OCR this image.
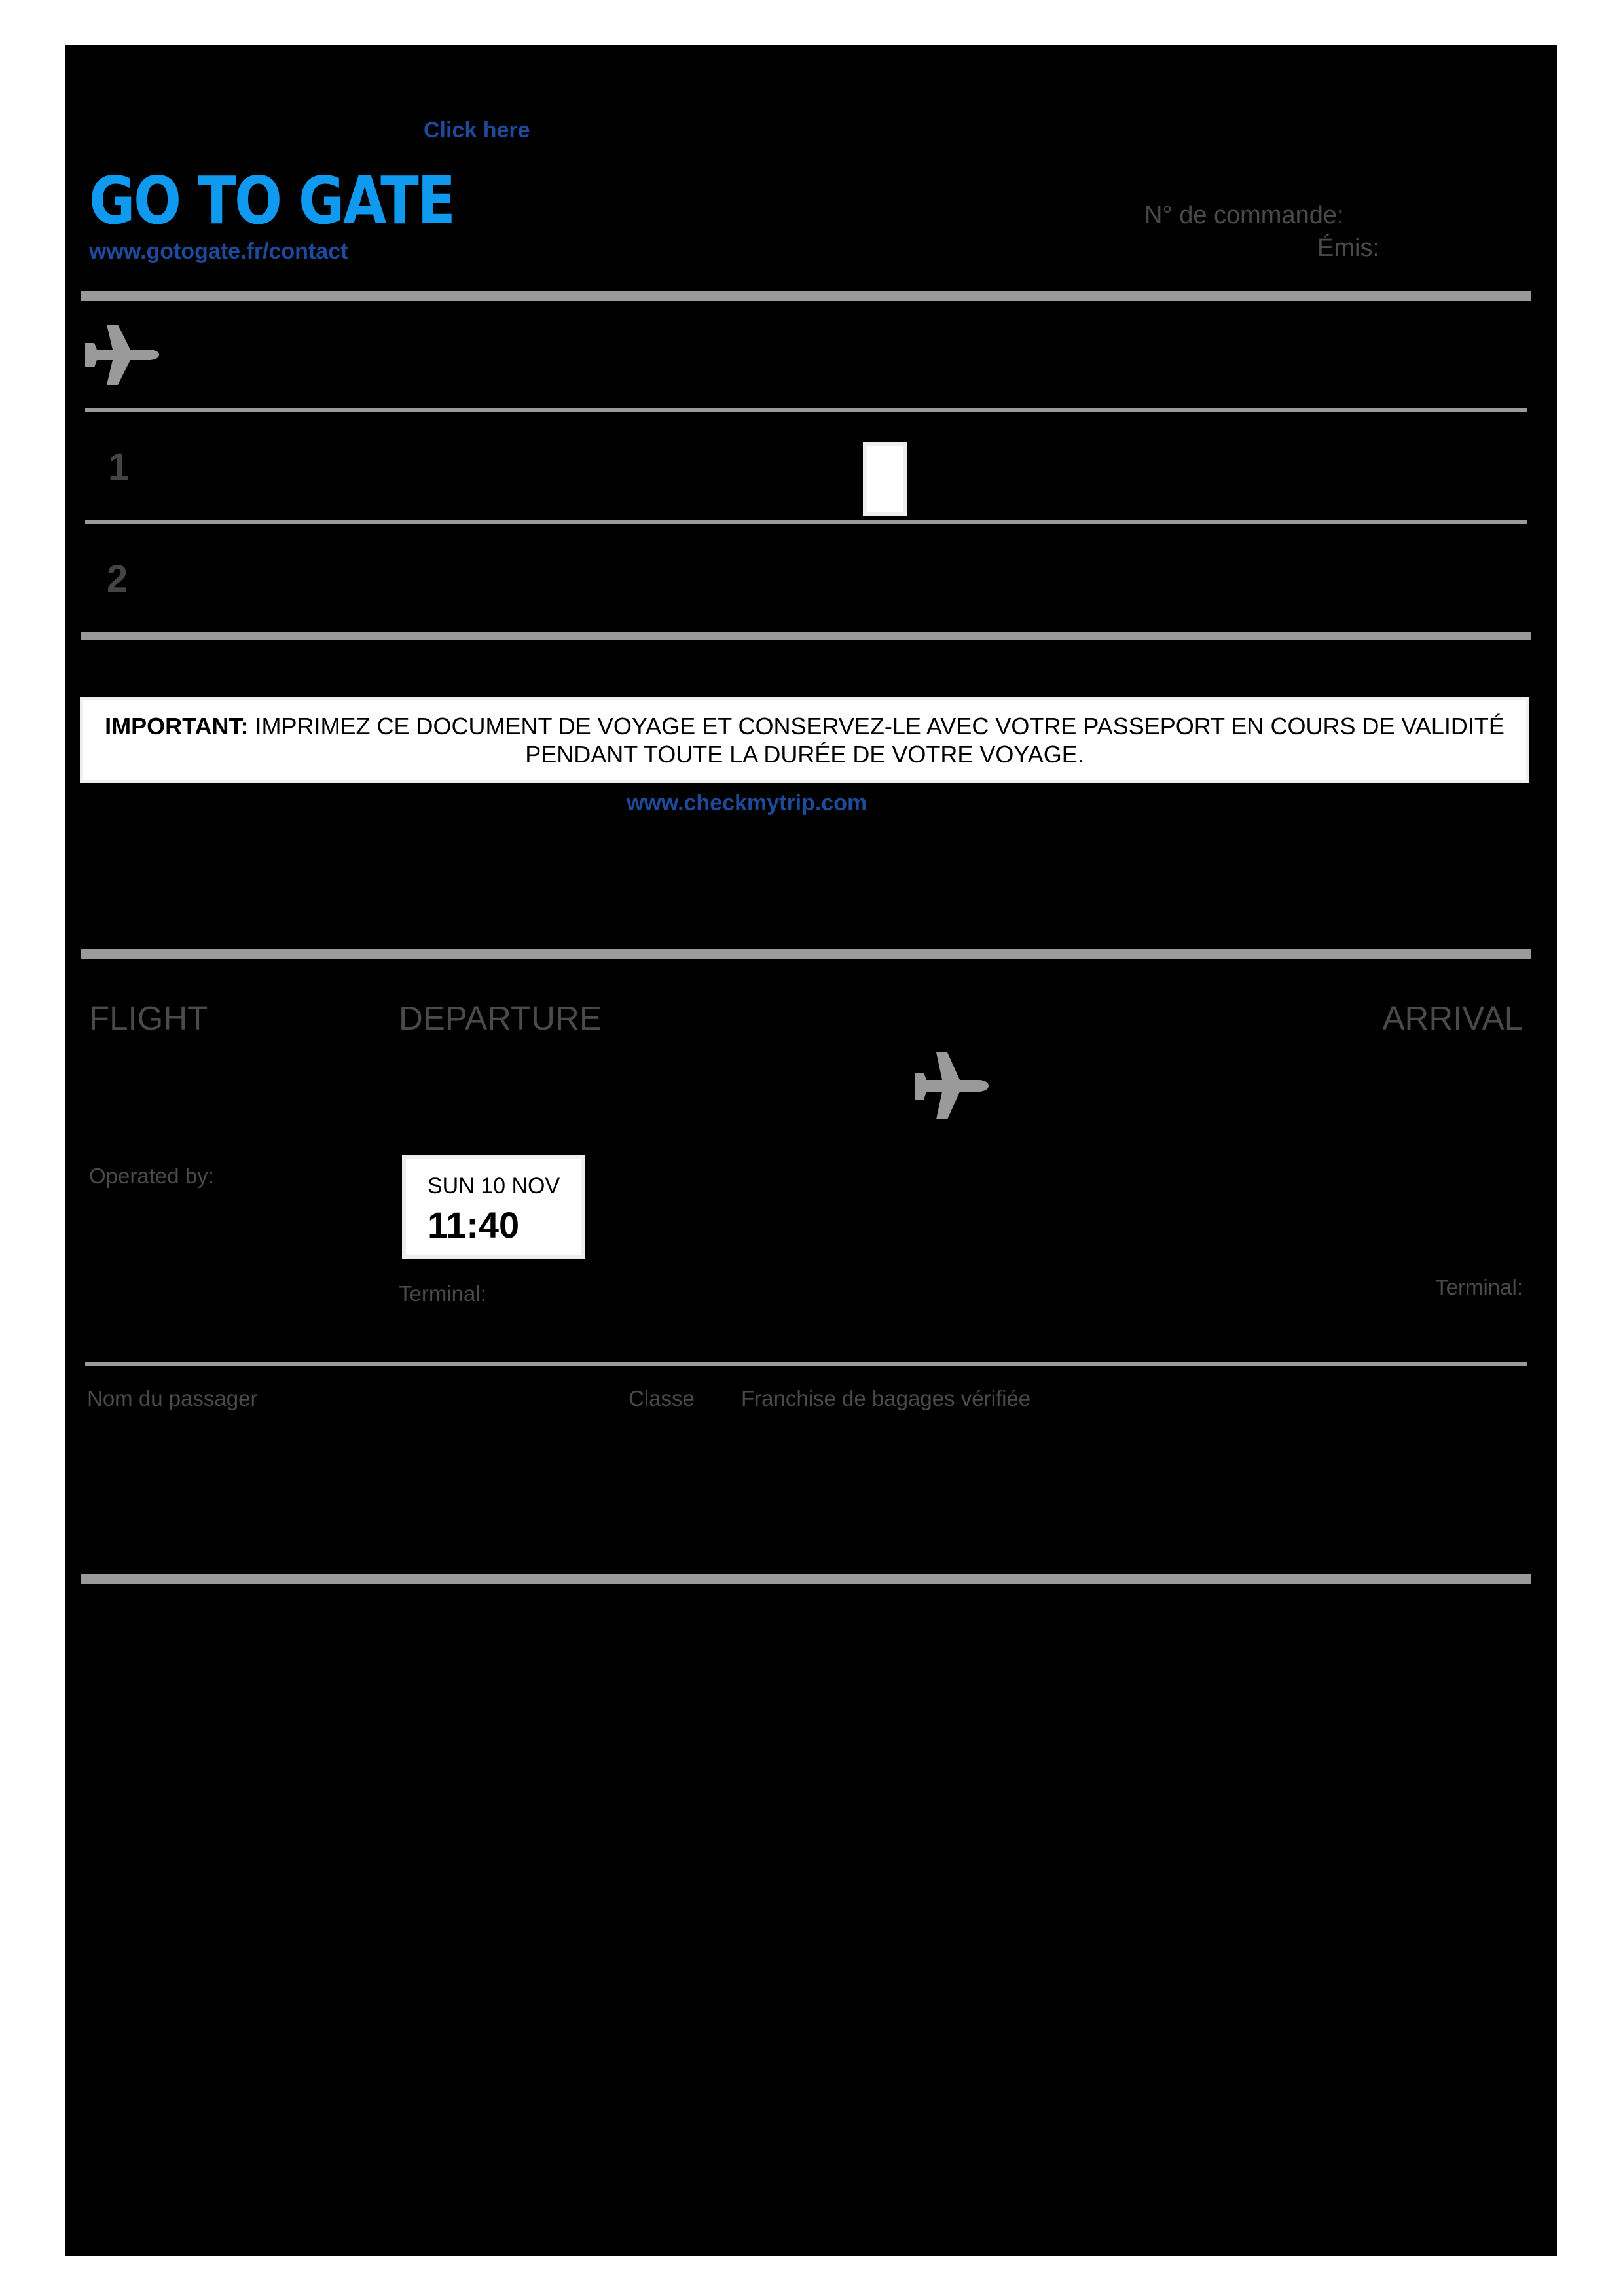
Click here
GO TO GATE
www.gotogate.fr/contact
N° de commande:
Émis:
1
2
IMPORTANT: IMPRIMEZ CE DOCUMENT DE VOYAGE ET CONSERVEZ-LE AVEC VOTRE PASSEPORT EN COURS DE VALIDITÉ PENDANT TOUTE LA DURÉE DE VOTRE VOYAGE.
www.checkmytrip.com
FLIGHT	DEPARTURE	ARRIVAL
Operated by:	SUN 10 NOV
11:40
Terminal:	Terminal:
Nom du passager	Classe Franchise de bagages vérifiée
